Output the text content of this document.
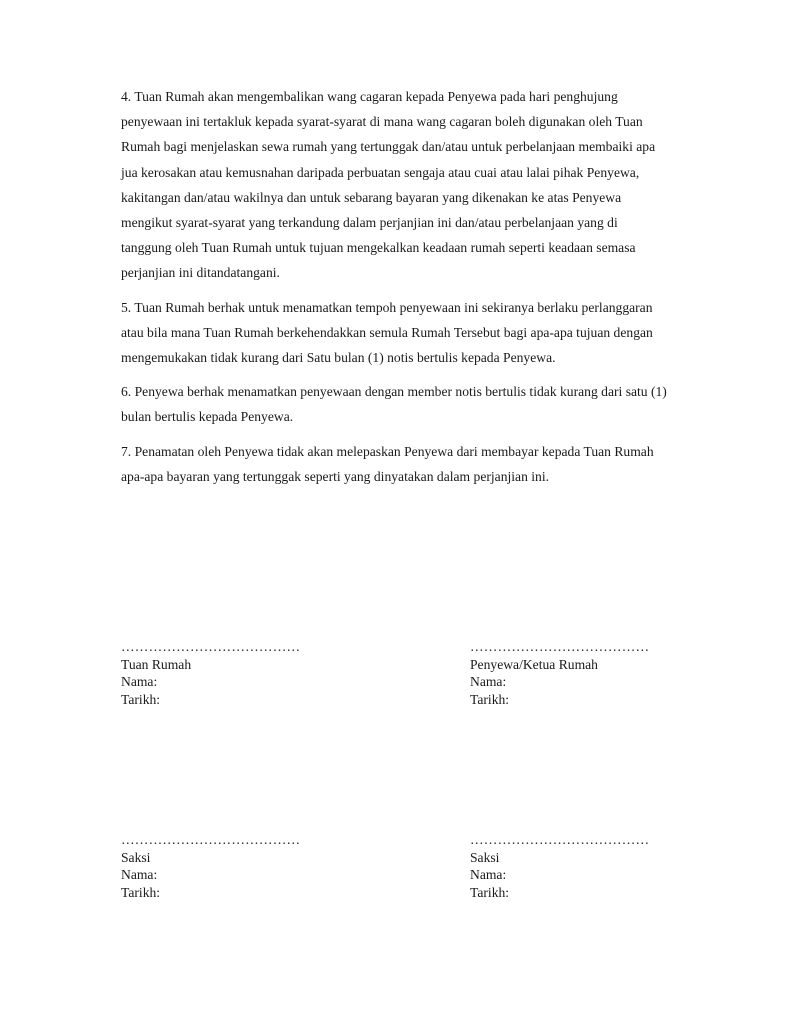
4. Tuan Rumah akan mengembalikan wang cagaran kepada Penyewa pada hari penghujung penyewaan ini tertakluk kepada syarat-syarat di mana wang cagaran boleh digunakan oleh Tuan Rumah bagi menjelaskan sewa rumah yang tertunggak dan/atau untuk perbelanjaan membaiki apa jua kerosakan atau kemusnahan daripada perbuatan sengaja atau cuai atau lalai pihak Penyewa, kakitangan dan/atau wakilnya dan untuk sebarang bayaran yang dikenakan ke atas Penyewa mengikut syarat-syarat yang terkandung dalam perjanjian ini dan/atau perbelanjaan yang di tanggung oleh Tuan Rumah untuk tujuan mengekalkan keadaan rumah seperti keadaan semasa perjanjian ini ditandatangani.

5. Tuan Rumah berhak untuk menamatkan tempoh penyewaan ini sekiranya berlaku perlanggaran atau bila mana Tuan Rumah berkehendakkan semula Rumah Tersebut bagi apa-apa tujuan dengan mengemukakan tidak kurang dari Satu bulan (1) notis bertulis kepada Penyewa.

6. Penyewa berhak menamatkan penyewaan dengan member notis bertulis tidak kurang dari satu (1) bulan bertulis kepada Penyewa.

7. Penamatan oleh Penyewa tidak akan melepaskan Penyewa dari membayar kepada Tuan Rumah apa-apa bayaran yang tertunggak seperti yang dinyatakan dalam perjanjian ini.

…………………………………
Tuan Rumah
Nama:
Tarikh:
…………………………………
Penyewa/Ketua Rumah
Nama:
Tarikh:
…………………………………
Saksi
Nama:
Tarikh:
…………………………………
Saksi
Nama:
Tarikh:
